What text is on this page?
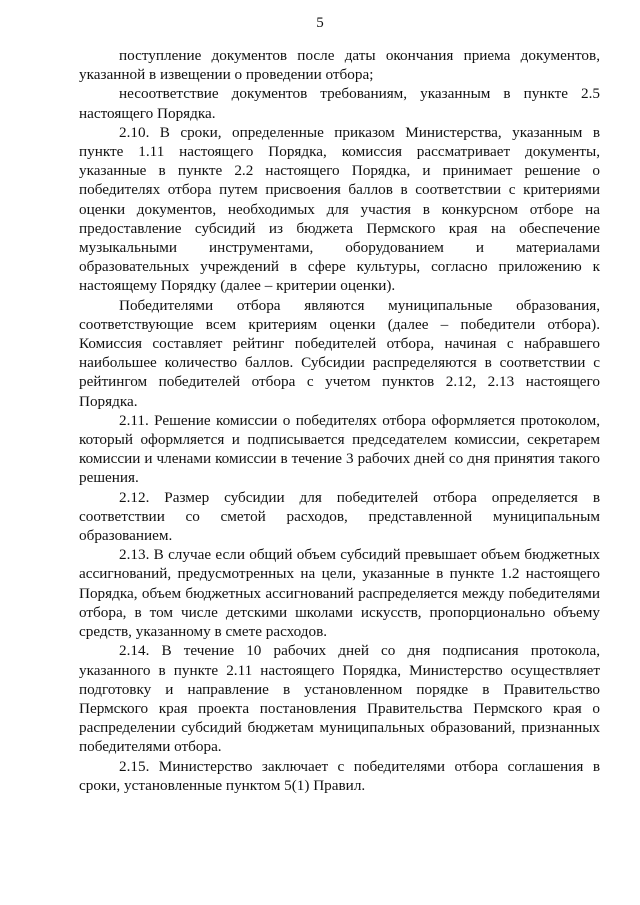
5

поступление документов после даты окончания приема документов, указанной в извещении о проведении отбора;

несоответствие документов требованиям, указанным в пункте 2.5 настоящего Порядка.

2.10. В сроки, определенные приказом Министерства, указанным в пункте 1.11 настоящего Порядка, комиссия рассматривает документы, указанные в пункте 2.2 настоящего Порядка, и принимает решение о победителях отбора путем присвоения баллов в соответствии с критериями оценки документов, необходимых для участия в конкурсном отборе на предоставление субсидий из бюджета Пермского края на обеспечение музыкальными инструментами, оборудованием и материалами образовательных учреждений в сфере культуры, согласно приложению к настоящему Порядку (далее – критерии оценки).

Победителями отбора являются муниципальные образования, соответствующие всем критериям оценки (далее – победители отбора). Комиссия составляет рейтинг победителей отбора, начиная с набравшего наибольшее количество баллов. Субсидии распределяются в соответствии с рейтингом победителей отбора с учетом пунктов 2.12, 2.13 настоящего Порядка.

2.11. Решение комиссии о победителях отбора оформляется протоколом, который оформляется и подписывается председателем комиссии, секретарем комиссии и членами комиссии в течение 3 рабочих дней со дня принятия такого решения.

2.12. Размер субсидии для победителей отбора определяется в соответствии со сметой расходов, представленной муниципальным образованием.

2.13. В случае если общий объем субсидий превышает объем бюджетных ассигнований, предусмотренных на цели, указанные в пункте 1.2 настоящего Порядка, объем бюджетных ассигнований распределяется между победителями отбора, в том числе детскими школами искусств, пропорционально объему средств, указанному в смете расходов.

2.14. В течение 10 рабочих дней со дня подписания протокола, указанного в пункте 2.11 настоящего Порядка, Министерство осуществляет подготовку и направление в установленном порядке в Правительство Пермского края проекта постановления Правительства Пермского края о распределении субсидий бюджетам муниципальных образований, признанных победителями отбора.

2.15. Министерство заключает с победителями отбора соглашения в сроки, установленные пунктом 5(1) Правил.
